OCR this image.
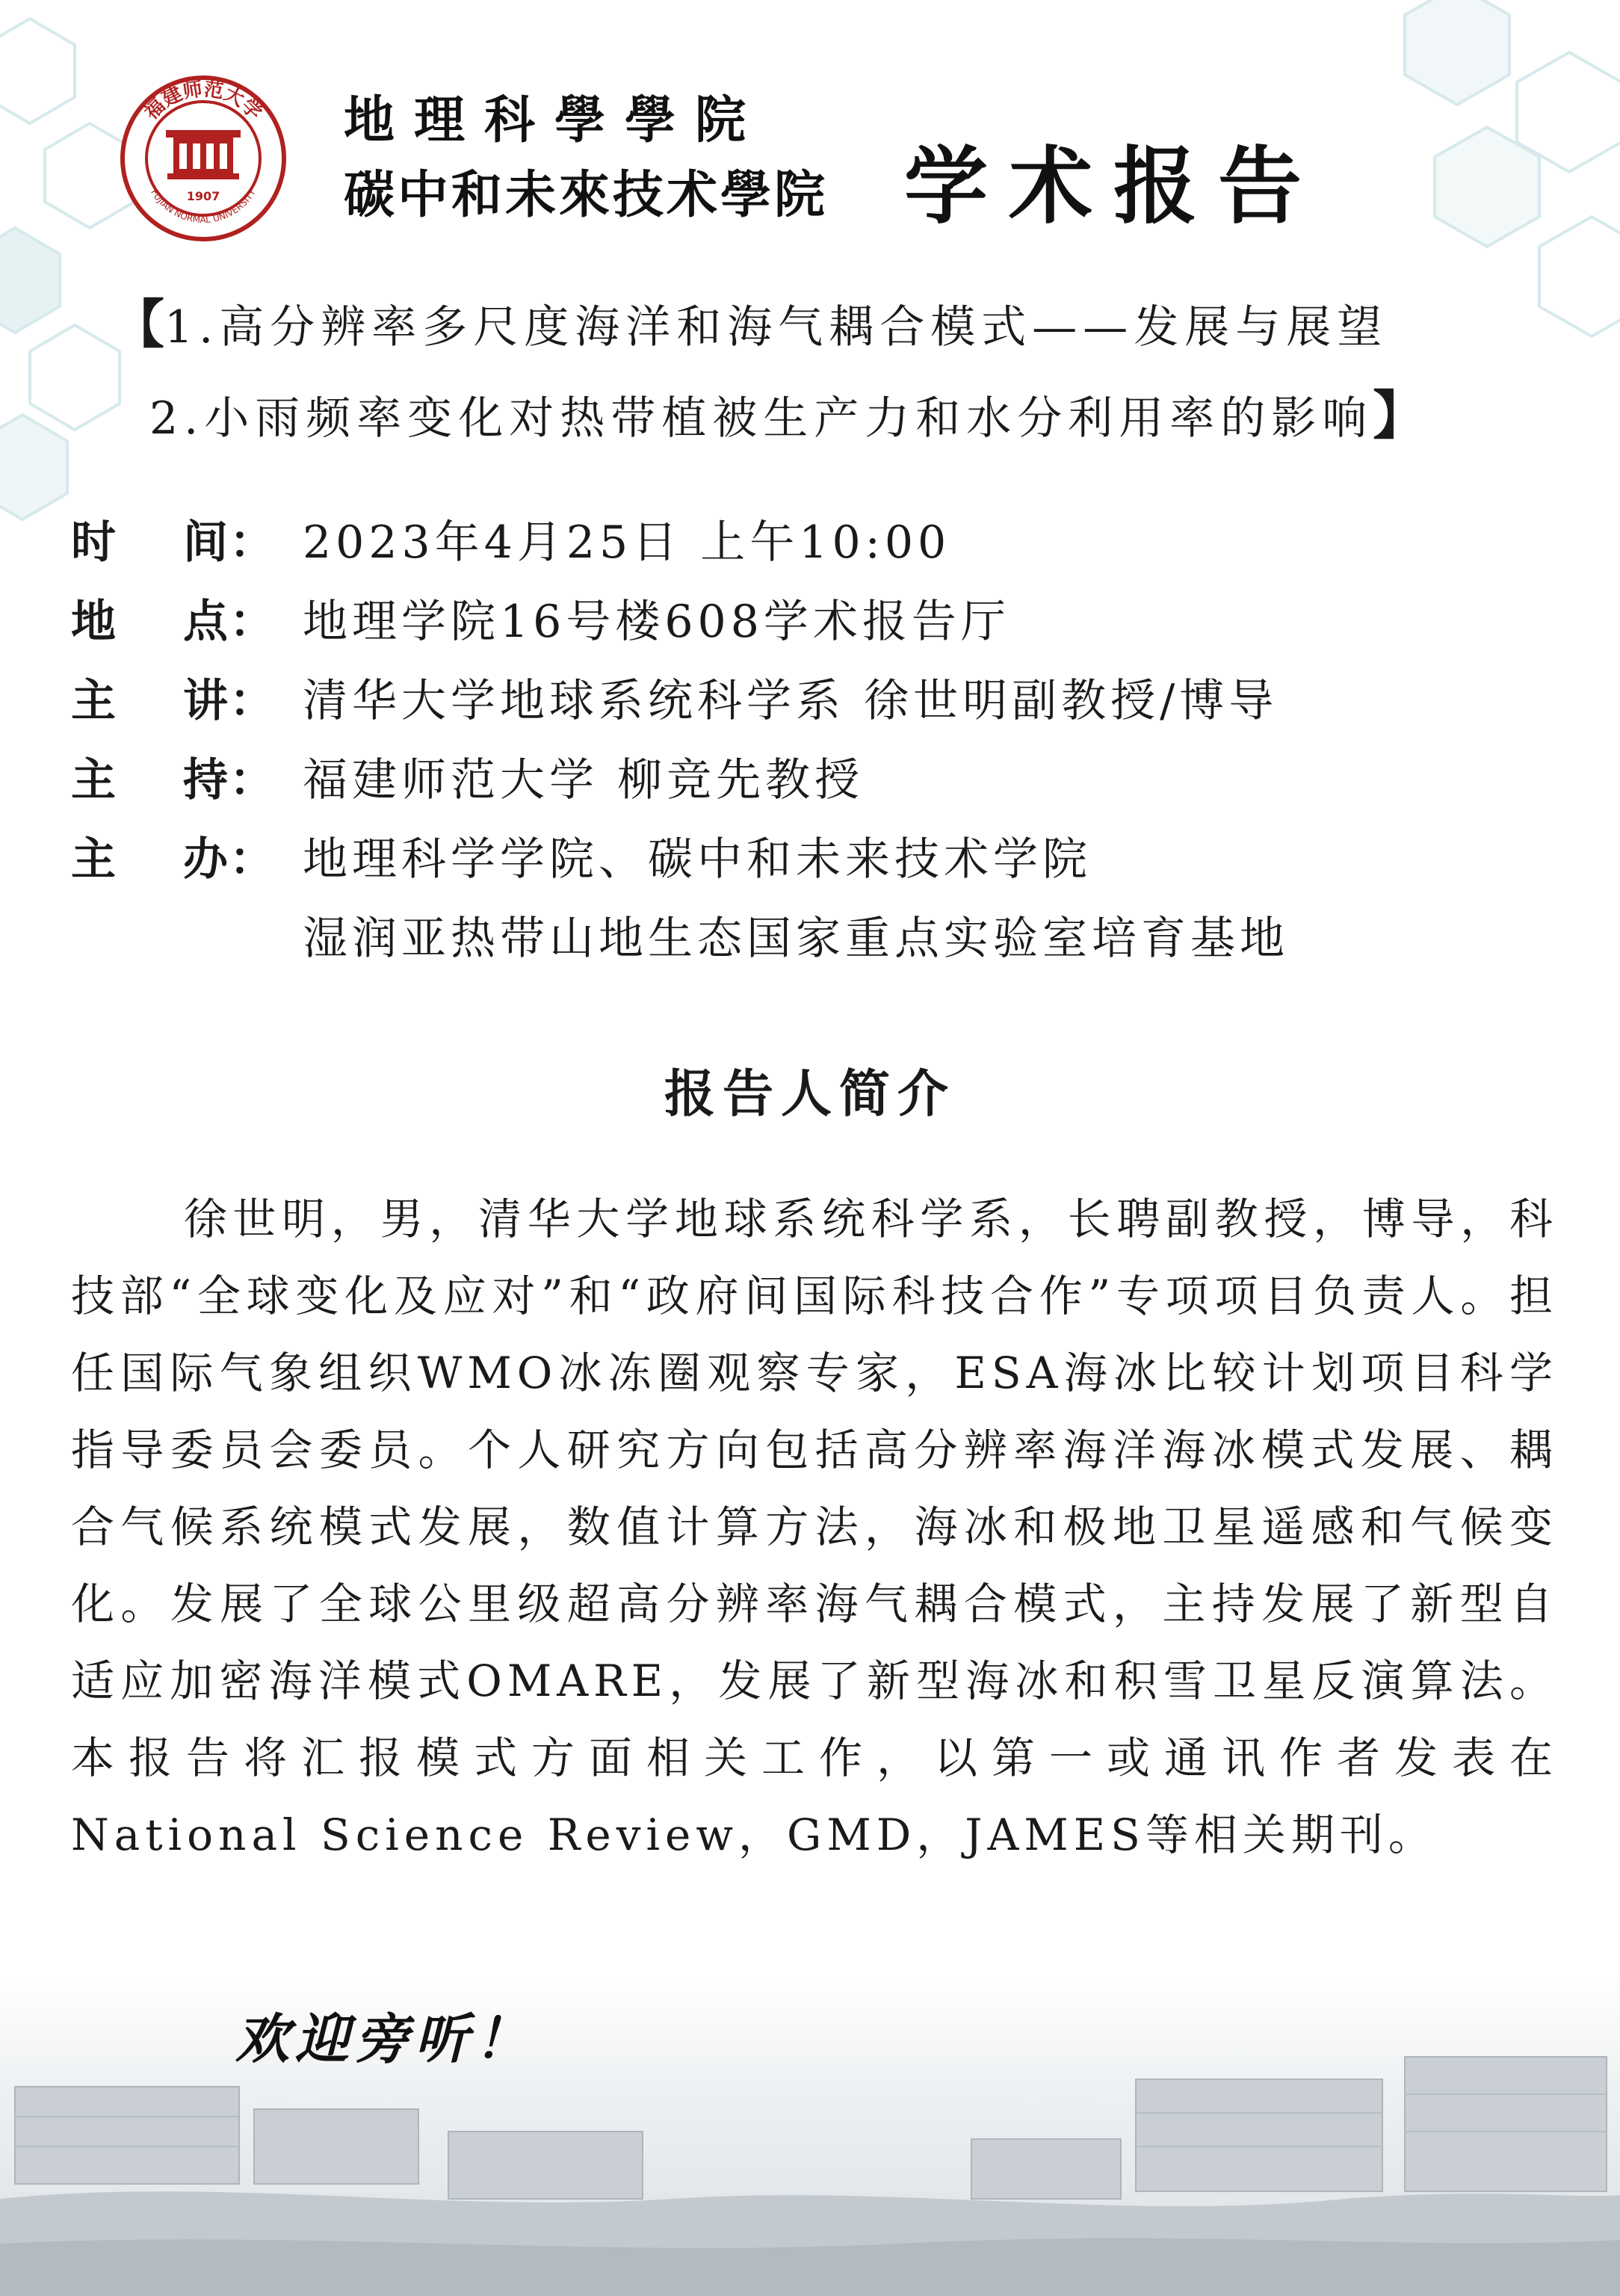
福建师范大学
FUJIAN NORMAL UNIVERSITY
1907
地理科學學院
碳中和未來技术學院 学术报告
【1.高分辨率多尺度海洋和海气耦合模式——发展与展望
2.小雨频率变化对热带植被生产力和水分利用率的影响】
时 间： 2023年4月25日 上午10:00
地 点： 地理学院16号楼608学术报告厅
主 讲： 清华大学地球系统科学系 徐世明副教授/博导
主 持： 福建师范大学 柳竞先教授
主 办： 地理科学学院、碳中和未来技术学院
湿润亚热带山地生态国家重点实验室培育基地
报告人简介
徐世明，男，清华大学地球系统科学系，长聘副教授，博导，科技部“全球变化及应对”和“政府间国际科技合作”专项项目负责人。担任国际气象组织WMO冰冻圈观察专家，ESA海冰比较计划项目科学指导委员会委员。个人研究方向包括高分辨率海洋海冰模式发展、耦合气候系统模式发展，数值计算方法，海冰和极地卫星遥感和气候变化。发展了全球公里级超高分辨率海气耦合模式，主持发展了新型自适应加密海洋模式OMARE，发展了新型海冰和积雪卫星反演算法。本报告将汇报模式方面相关工作，以第一或通讯作者发表在National Science Review，GMD，JAMES等相关期刊。
欢迎旁听！
